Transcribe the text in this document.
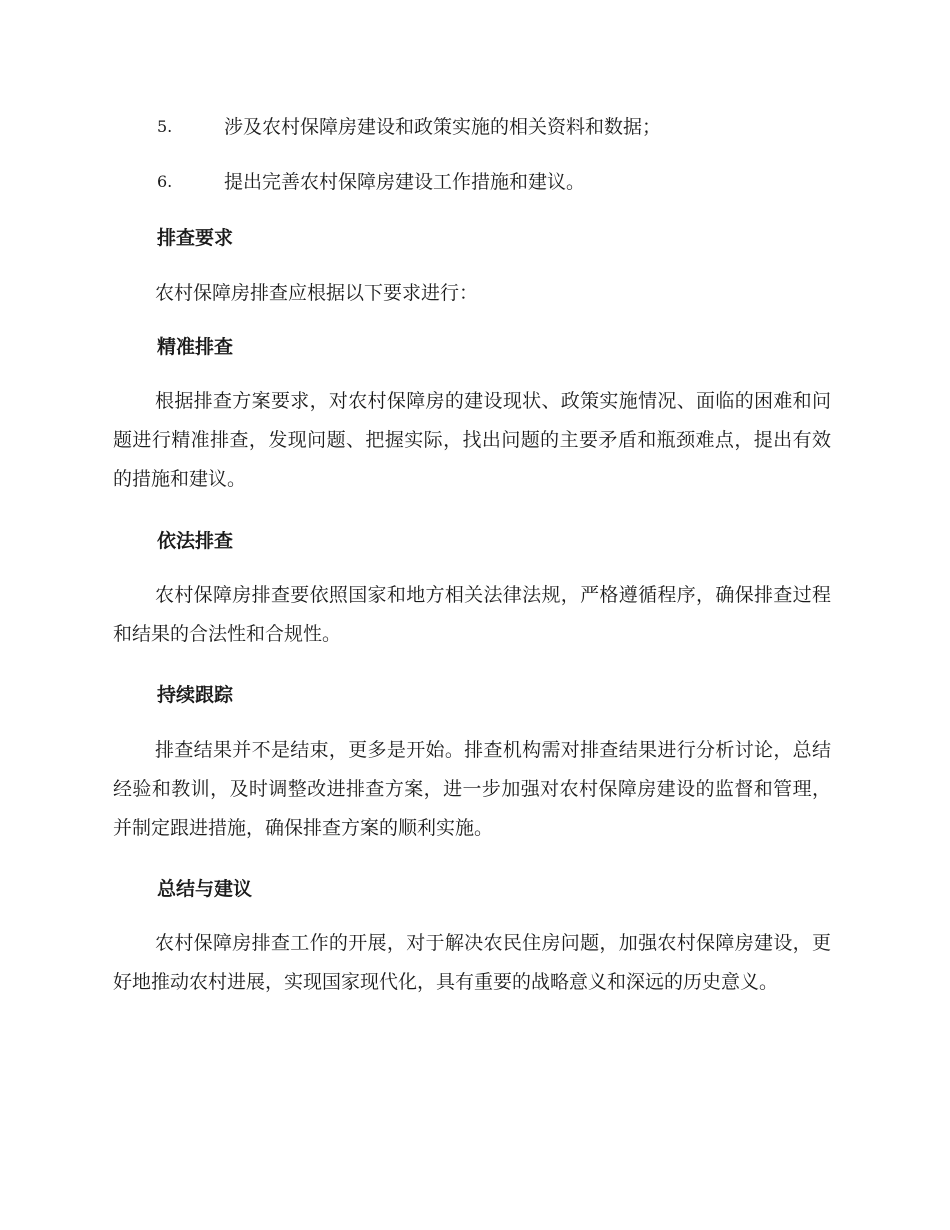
5.	涉及农村保障房建设和政策实施的相关资料和数据；
6.	提出完善农村保障房建设工作措施和建议。
排查要求
农村保障房排查应根据以下要求进行：
精准排查
根据排查方案要求，对农村保障房的建设现状、政策实施情况、面临的困难和问题进行精准排查，发现问题、把握实际，找出问题的主要矛盾和瓶颈难点，提出有效的措施和建议。
依法排查
农村保障房排查要依照国家和地方相关法律法规，严格遵循程序，确保排查过程和结果的合法性和合规性。
持续跟踪
排查结果并不是结束，更多是开始。排查机构需对排查结果进行分析讨论，总结经验和教训，及时调整改进排查方案，进一步加强对农村保障房建设的监督和管理，并制定跟进措施，确保排查方案的顺利实施。
总结与建议
农村保障房排查工作的开展，对于解决农民住房问题，加强农村保障房建设，更好地推动农村进展，实现国家现代化，具有重要的战略意义和深远的历史意义。
